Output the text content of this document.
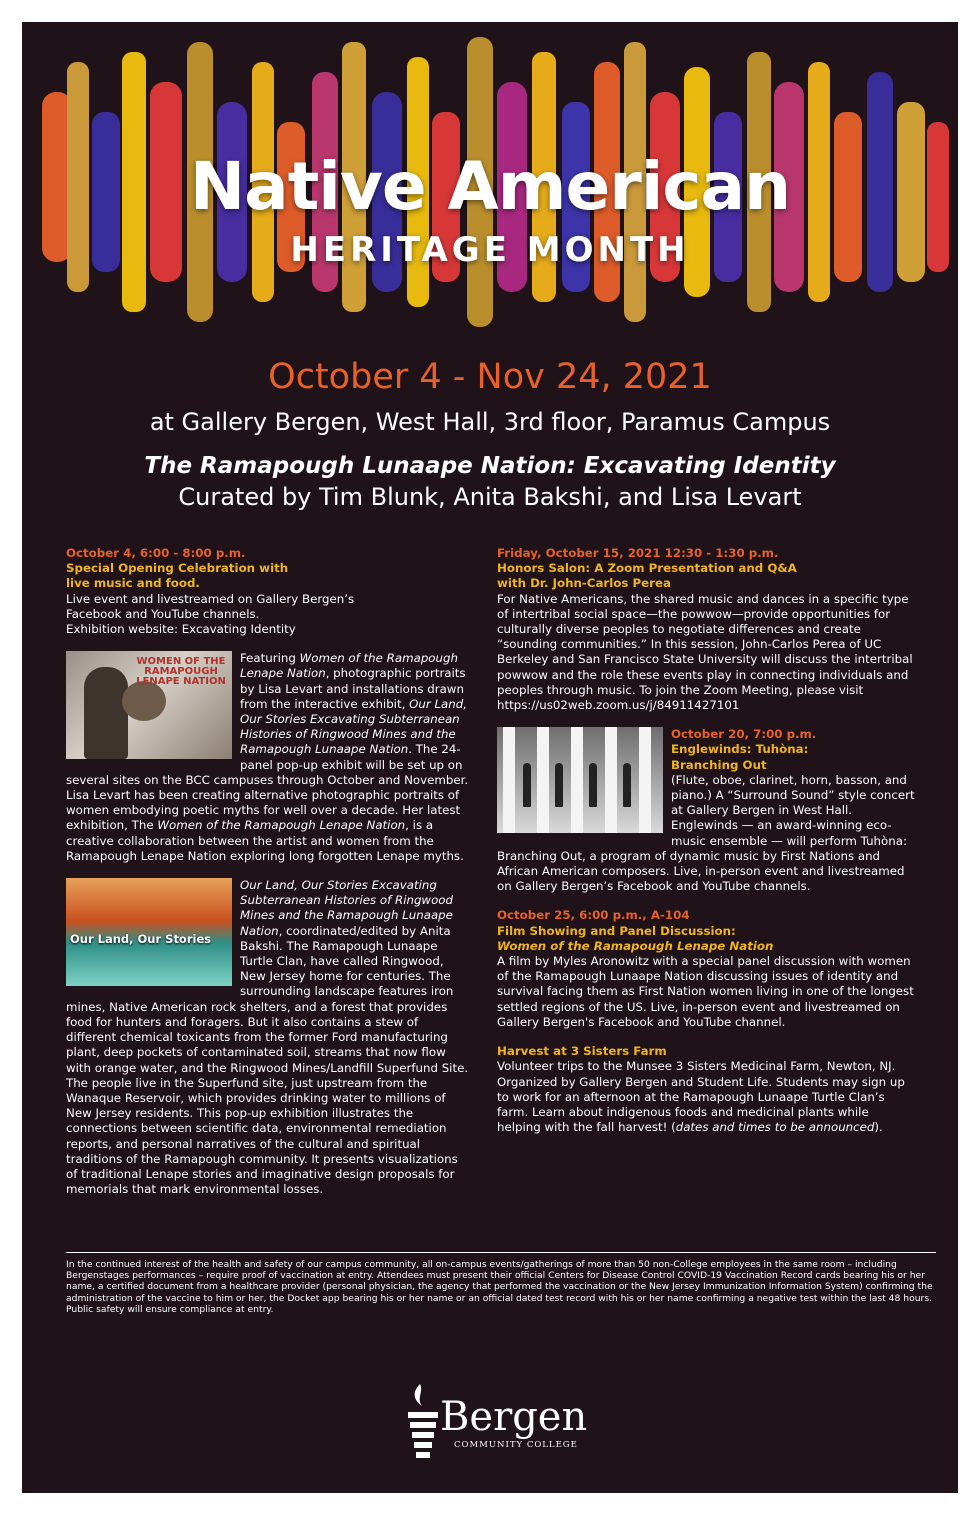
Native American
HERITAGE MONTH
October 4 - Nov 24, 2021
at Gallery Bergen, West Hall, 3rd floor, Paramus Campus
The Ramapough Lunaape Nation: Excavating Identity
Curated by Tim Blunk, Anita Bakshi, and Lisa Levart
October 4, 6:00 - 8:00 p.m.
Special Opening Celebration with
live music and food.
Live event and livestreamed on Gallery Bergen’s
Facebook and YouTube channels.
Exhibition website: Excavating Identity
WOMEN OF THE RAMAPOUGH LENAPE NATION
Featuring Women of the Ramapough Lenape Nation, photographic portraits by Lisa Levart and installations drawn from the interactive exhibit, Our Land, Our Stories Excavating Subterranean Histories of Ringwood Mines and the Ramapough Lunaape Nation. The 24-panel pop-up exhibit will be set up on several sites on the BCC campuses through October and November. Lisa Levart has been creating alternative photographic portraits of women embodying poetic myths for well over a decade. Her latest exhibition, The Women of the Ramapough Lenape Nation, is a creative collaboration between the artist and women from the Ramapough Lenape Nation exploring long forgotten Lenape myths.
Our Land, Our Stories
Our Land, Our Stories Excavating Subterranean Histories of Ringwood Mines and the Ramapough Lunaape Nation, coordinated/edited by Anita Bakshi. The Ramapough Lunaape Turtle Clan, have called Ringwood, New Jersey home for centuries. The surrounding landscape features iron mines, Native American rock shelters, and a forest that provides food for hunters and foragers. But it also contains a stew of different chemical toxicants from the former Ford manufacturing plant, deep pockets of contaminated soil, streams that now flow with orange water, and the Ringwood Mines/Landfill Superfund Site. The people live in the Superfund site, just upstream from the Wanaque Reservoir, which provides drinking water to millions of New Jersey residents. This pop-up exhibition illustrates the connections between scientific data, environmental remediation reports, and personal narratives of the cultural and spiritual traditions of the Ramapough community. It presents visualizations of traditional Lenape stories and imaginative design proposals for memorials that mark environmental losses.
Friday, October 15, 2021 12:30 - 1:30 p.m.
Honors Salon: A Zoom Presentation and Q&A
with Dr. John-Carlos Perea
For Native Americans, the shared music and dances in a specific type of intertribal social space—the powwow—provide opportunities for culturally diverse peoples to negotiate differences and create “sounding communities.” In this session, John-Carlos Perea of UC Berkeley and San Francisco State University will discuss the intertribal powwow and the role these events play in connecting individuals and peoples through music. To join the Zoom Meeting, please visit https://us02web.zoom.us/j/84911427101
October 20, 7:00 p.m.
Englewinds: Tuhòna:
Branching Out
(Flute, oboe, clarinet, horn, basson, and piano.) A “Surround Sound” style concert at Gallery Bergen in West Hall. Englewinds — an award-winning eco-music ensemble — will perform Tuhòna: Branching Out, a program of dynamic music by First Nations and African American composers. Live, in-person event and livestreamed on Gallery Bergen’s Facebook and YouTube channels.
October 25, 6:00 p.m., A-104
Film Showing and Panel Discussion:
Women of the Ramapough Lenape Nation
A film by Myles Aronowitz with a special panel discussion with women of the Ramapough Lunaape Nation discussing issues of identity and survival facing them as First Nation women living in one of the longest settled regions of the US. Live, in-person event and livestreamed on Gallery Bergen's Facebook and YouTube channel.
Harvest at 3 Sisters Farm
Volunteer trips to the Munsee 3 Sisters Medicinal Farm, Newton, NJ. Organized by Gallery Bergen and Student Life. Students may sign up to work for an afternoon at the Ramapough Lunaape Turtle Clan’s farm. Learn about indigenous foods and medicinal plants while helping with the fall harvest! (dates and times to be announced).
In the continued interest of the health and safety of our campus community, all on-campus events/gatherings of more than 50 non-College employees in the same room – including Bergenstages performances – require proof of vaccination at entry. Attendees must present their official Centers for Disease Control COVID-19 Vaccination Record cards bearing his or her name, a certified document from a healthcare provider (personal physician, the agency that performed the vaccination or the New Jersey Immunization Information System) confirming the administration of the vaccine to him or her, the Docket app bearing his or her name or an official dated test record with his or her name confirming a negative test within the last 48 hours. Public safety will ensure compliance at entry.
Bergen
COMMUNITY COLLEGE
